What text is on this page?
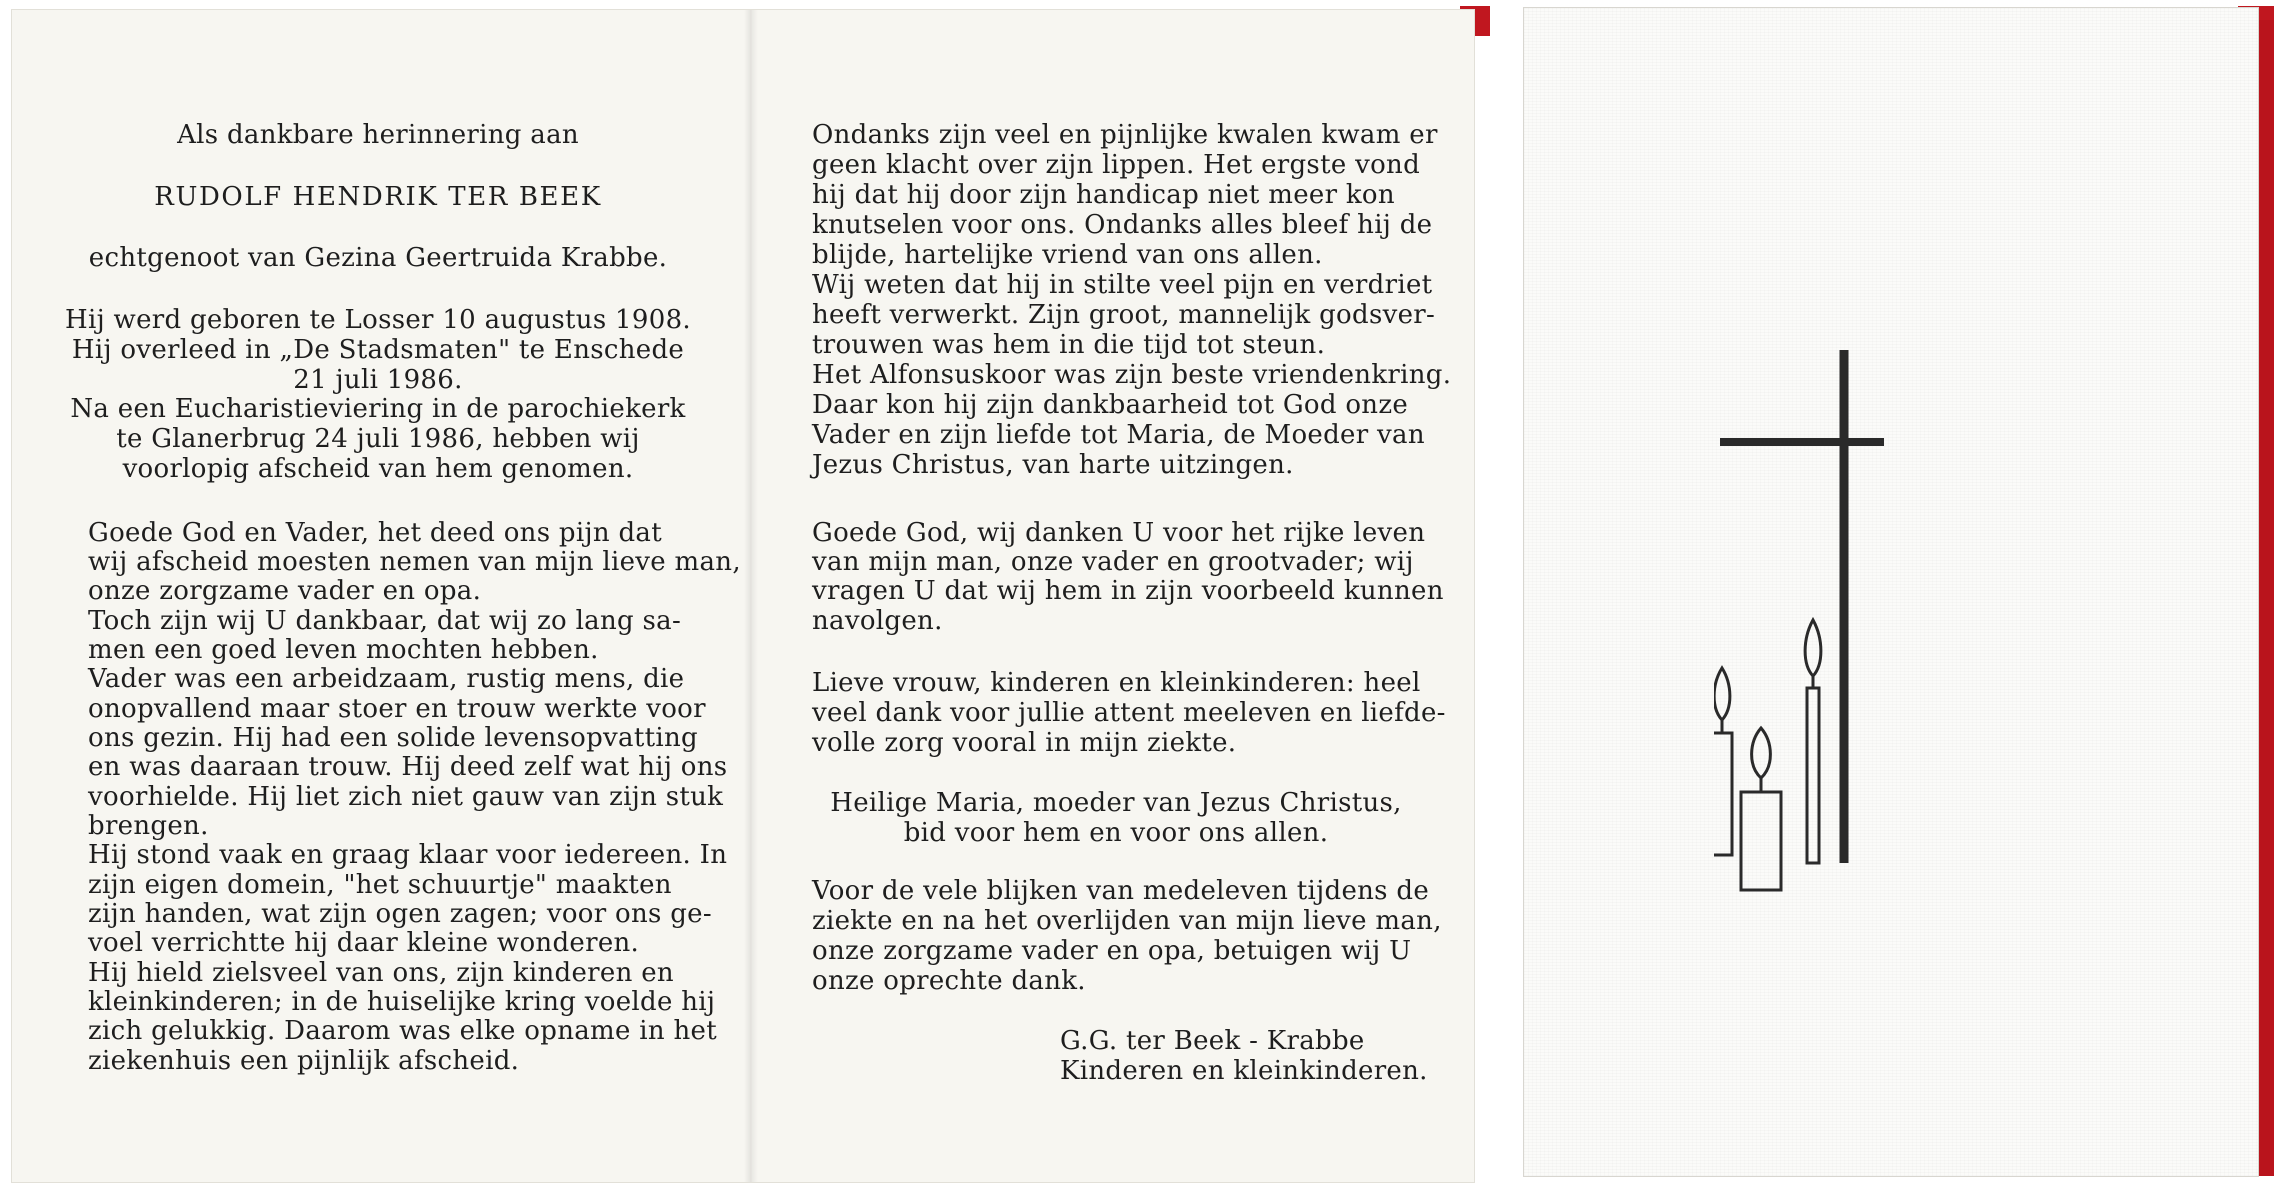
Als dankbare herinnering aan
RUDOLF HENDRIK TER BEEK
echtgenoot van Gezina Geertruida Krabbe.
Hij werd geboren te Losser 10 augustus 1908.
Hij overleed in „De Stadsmaten" te Enschede
21 juli 1986.
Na een Eucharistieviering in de parochiekerk
te Glanerbrug 24 juli 1986, hebben wij
voorlopig afscheid van hem genomen.
Goede God en Vader, het deed ons pijn dat
wij afscheid moesten nemen van mijn lieve man,
onze zorgzame vader en opa.
Toch zijn wij U dankbaar, dat wij zo lang sa-
men een goed leven mochten hebben.
Vader was een arbeidzaam, rustig mens, die
onopvallend maar stoer en trouw werkte voor
ons gezin. Hij had een solide levensopvatting
en was daaraan trouw. Hij deed zelf wat hij ons
voorhielde. Hij liet zich niet gauw van zijn stuk
brengen.
Hij stond vaak en graag klaar voor iedereen. In
zijn eigen domein, "het schuurtje" maakten
zijn handen, wat zijn ogen zagen; voor ons ge-
voel verrichtte hij daar kleine wonderen.
Hij hield zielsveel van ons, zijn kinderen en
kleinkinderen; in de huiselijke kring voelde hij
zich gelukkig. Daarom was elke opname in het
ziekenhuis een pijnlijk afscheid.
Ondanks zijn veel en pijnlijke kwalen kwam er
geen klacht over zijn lippen. Het ergste vond
hij dat hij door zijn handicap niet meer kon
knutselen voor ons. Ondanks alles bleef hij de
blijde, hartelijke vriend van ons allen.
Wij weten dat hij in stilte veel pijn en verdriet
heeft verwerkt. Zijn groot, mannelijk godsver-
trouwen was hem in die tijd tot steun.
Het Alfonsuskoor was zijn beste vriendenkring.
Daar kon hij zijn dankbaarheid tot God onze
Vader en zijn liefde tot Maria, de Moeder van
Jezus Christus, van harte uitzingen.
Goede God, wij danken U voor het rijke leven
van mijn man, onze vader en grootvader; wij
vragen U dat wij hem in zijn voorbeeld kunnen
navolgen.
Lieve vrouw, kinderen en kleinkinderen: heel
veel dank voor jullie attent meeleven en liefde-
volle zorg vooral in mijn ziekte.
Heilige Maria, moeder van Jezus Christus,
bid voor hem en voor ons allen.
Voor de vele blijken van medeleven tijdens de
ziekte en na het overlijden van mijn lieve man,
onze zorgzame vader en opa, betuigen wij U
onze oprechte dank.
G.G. ter Beek - Krabbe
Kinderen en kleinkinderen.
